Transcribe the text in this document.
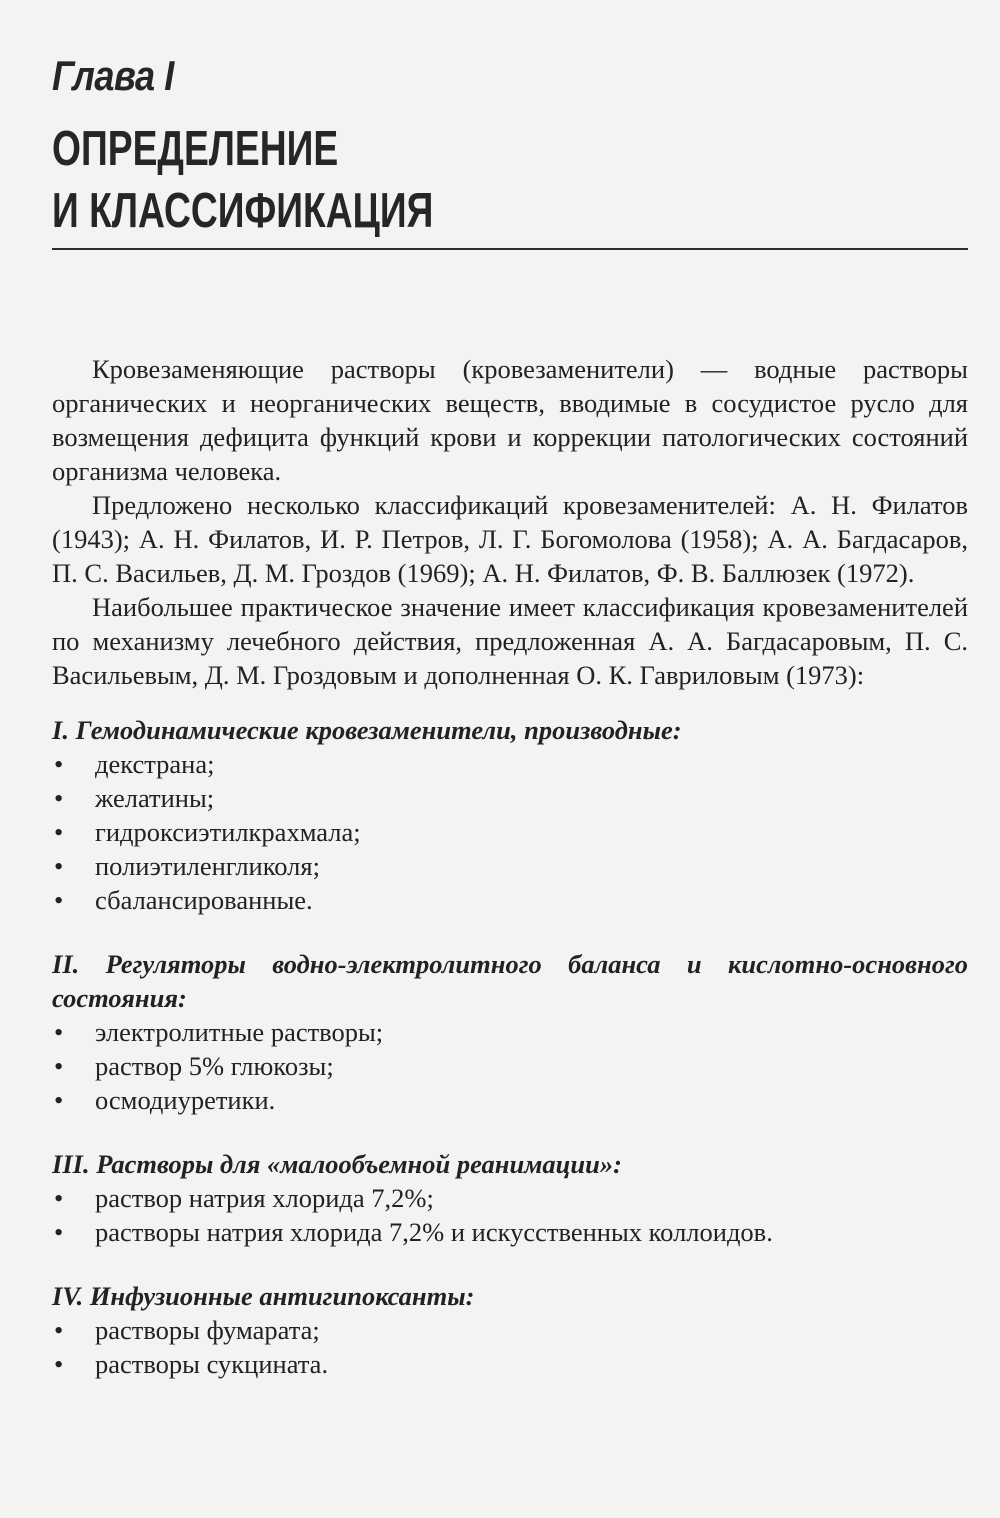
Глава I
ОПРЕДЕЛЕНИЕ
И КЛАССИФИКАЦИЯ

Кровезаменяющие растворы (кровезаменители) — водные растворы органических и неорганических веществ, вводимые в сосудистое русло для возмещения дефицита функций крови и коррекции патологических состояний организма человека.

Предложено несколько классификаций кровезаменителей: А. Н. Филатов (1943); А. Н. Филатов, И. Р. Петров, Л. Г. Богомолова (1958); А. А. Багдасаров, П. С. Васильев, Д. М. Гроздов (1969); А. Н. Филатов, Ф. В. Баллюзек (1972).

Наибольшее практическое значение имеет классификация кровезаменителей по механизму лечебного действия, предложенная А. А. Багдасаровым, П. С. Васильевым, Д. М. Гроздовым и дополненная О. К. Гавриловым (1973):

I. Гемодинамические кровезаменители, производные:
• декстрана;
• желатины;
• гидроксиэтилкрахмала;
• полиэтиленгликоля;
• сбалансированные.
II. Регуляторы водно-электролитного баланса и кислотно-основного состояния:
• электролитные растворы;
• раствор 5% глюкозы;
• осмодиуретики.
III. Растворы для «малообъемной реанимации»:
• раствор натрия хлорида 7,2%;
• растворы натрия хлорида 7,2% и искусственных коллоидов.
IV. Инфузионные антигипоксанты:
• растворы фумарата;
• растворы сукцината.
